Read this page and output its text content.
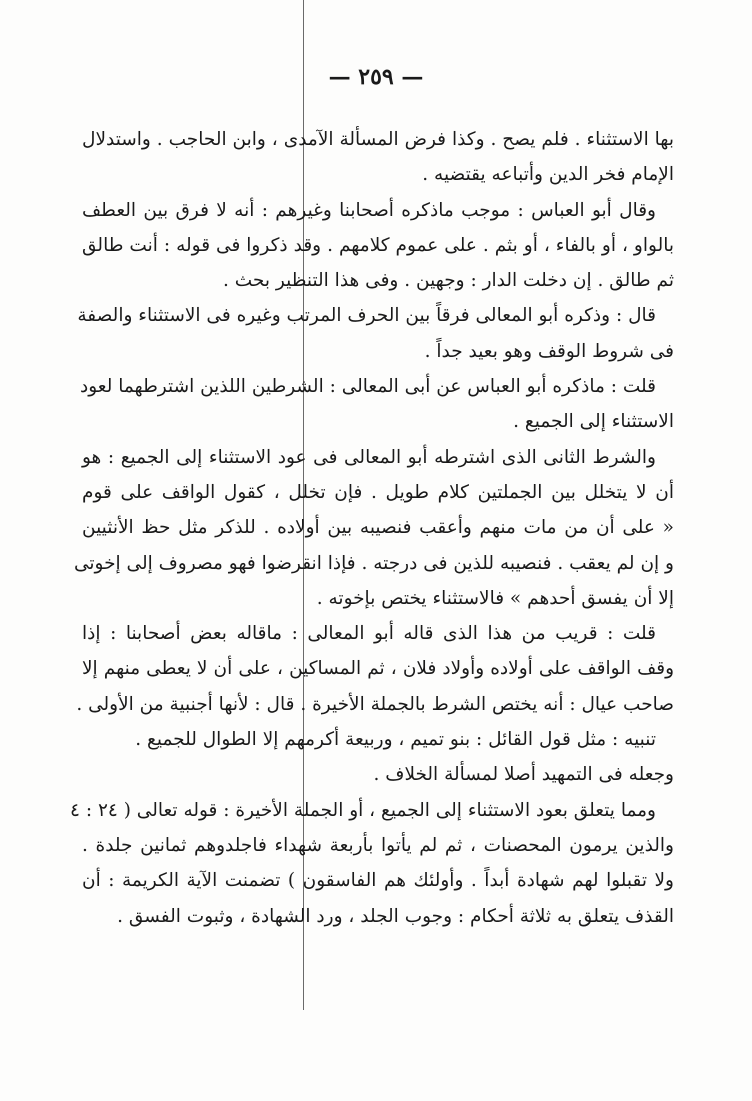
— ٢٥٩ —
بها الاستثناء . فلم يصح . وكذا فرض المسألة الآمدى ، وابن الحاجب . واستدلال
الإمام فخر الدين وأتباعه يقتضيه .
وقال أبو العباس : موجب ماذكره أصحابنا وغيرهم : أنه لا فرق بين العطف
بالواو ، أو بالفاء ، أو بثم . على عموم كلامهم . وقد ذكروا فى قوله : أنت طالق
ثم طالق . إن دخلت الدار : وجهين . وفى هذا التنظير بحث .
قال : وذكره أبو المعالى فرقاً بين الحرف المرتب وغيره فى الاستثناء والصفة
فى شروط الوقف وهو بعيد جداً .
قلت : ماذكره أبو العباس عن أبى المعالى : الشرطين اللذين اشترطهما لعود
الاستثناء إلى الجميع .
والشرط الثانى الذى اشترطه أبو المعالى فى عود الاستثناء إلى الجميع : هو
أن لا يتخلل بين الجملتين كلام طويل . فإن تخلل ، كقول الواقف على قوم
« على أن من مات منهم وأعقب فنصيبه بين أولاده . للذكر مثل حظ الأنثيين
و إن لم يعقب . فنصيبه للذين فى درجته . فإذا انقرضوا فهو مصروف إلى إخوتى
إلا أن يفسق أحدهم » فالاستثناء يختص بإخوته .
قلت : قريب من هذا الذى قاله أبو المعالى : ماقاله بعض أصحابنا : إذا
وقف الواقف على أولاده وأولاد فلان ، ثم المساكين ، على أن لا يعطى منهم إلا
صاحب عيال : أنه يختص الشرط بالجملة الأخيرة . قال : لأنها أجنبية من الأولى .
تنبيه : مثل قول القائل : بنو تميم ، وربيعة أكرمهم إلا الطوال للجميع .
وجعله فى التمهيد أصلا لمسألة الخلاف .
ومما يتعلق بعود الاستثناء إلى الجميع ، أو الجملة الأخيرة : قوله تعالى ( ٢٤ : ٤
والذين يرمون المحصنات ، ثم لم يأتوا بأربعة شهداء فاجلدوهم ثمانين جلدة .
ولا تقبلوا لهم شهادة أبداً . وأولئك هم الفاسقون ) تضمنت الآية الكريمة : أن
القذف يتعلق به ثلاثة أحكام : وجوب الجلد ، ورد الشهادة ، وثبوت الفسق .
